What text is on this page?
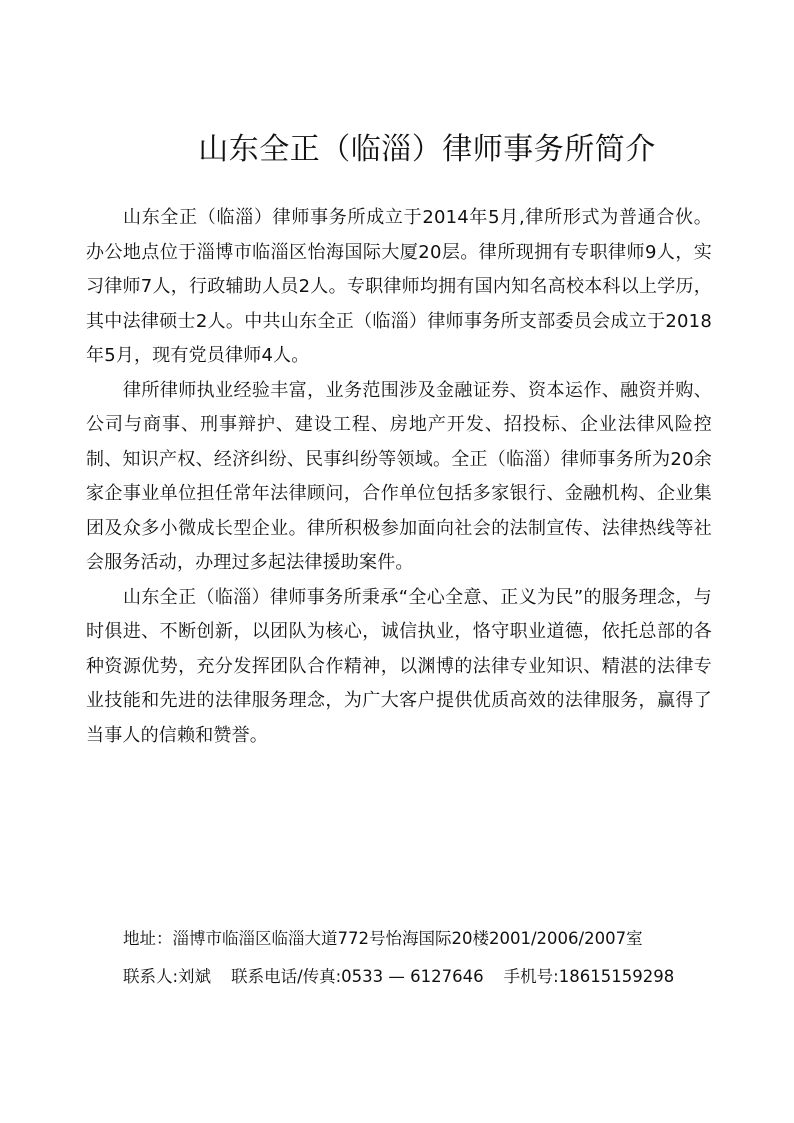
山东全正（临淄）律师事务所简介

山东全正（临淄）律师事务所成立于2014年5月,律所形式为普通合伙。办公地点位于淄博市临淄区怡海国际大厦20层。律所现拥有专职律师9人，实习律师7人，行政辅助人员2人。专职律师均拥有国内知名高校本科以上学历，其中法律硕士2人。中共山东全正（临淄）律师事务所支部委员会成立于2018年5月，现有党员律师4人。

律所律师执业经验丰富，业务范围涉及金融证券、资本运作、融资并购、公司与商事、刑事辩护、建设工程、房地产开发、招投标、企业法律风险控制、知识产权、经济纠纷、民事纠纷等领域。全正（临淄）律师事务所为20余家企事业单位担任常年法律顾问，合作单位包括多家银行、金融机构、企业集团及众多小微成长型企业。律所积极参加面向社会的法制宣传、法律热线等社会服务活动，办理过多起法律援助案件。

山东全正（临淄）律师事务所秉承“全心全意、正义为民”的服务理念，与时俱进、不断创新，以团队为核心，诚信执业，恪守职业道德，依托总部的各种资源优势，充分发挥团队合作精神，以渊博的法律专业知识、精湛的法律专业技能和先进的法律服务理念，为广大客户提供优质高效的法律服务，赢得了当事人的信赖和赞誉。

地址：淄博市临淄区临淄大道772号怡海国际20楼2001/2006/2007室
联系人:刘斌 联系电话/传真:0533 — 6127646 手机号:18615159298
